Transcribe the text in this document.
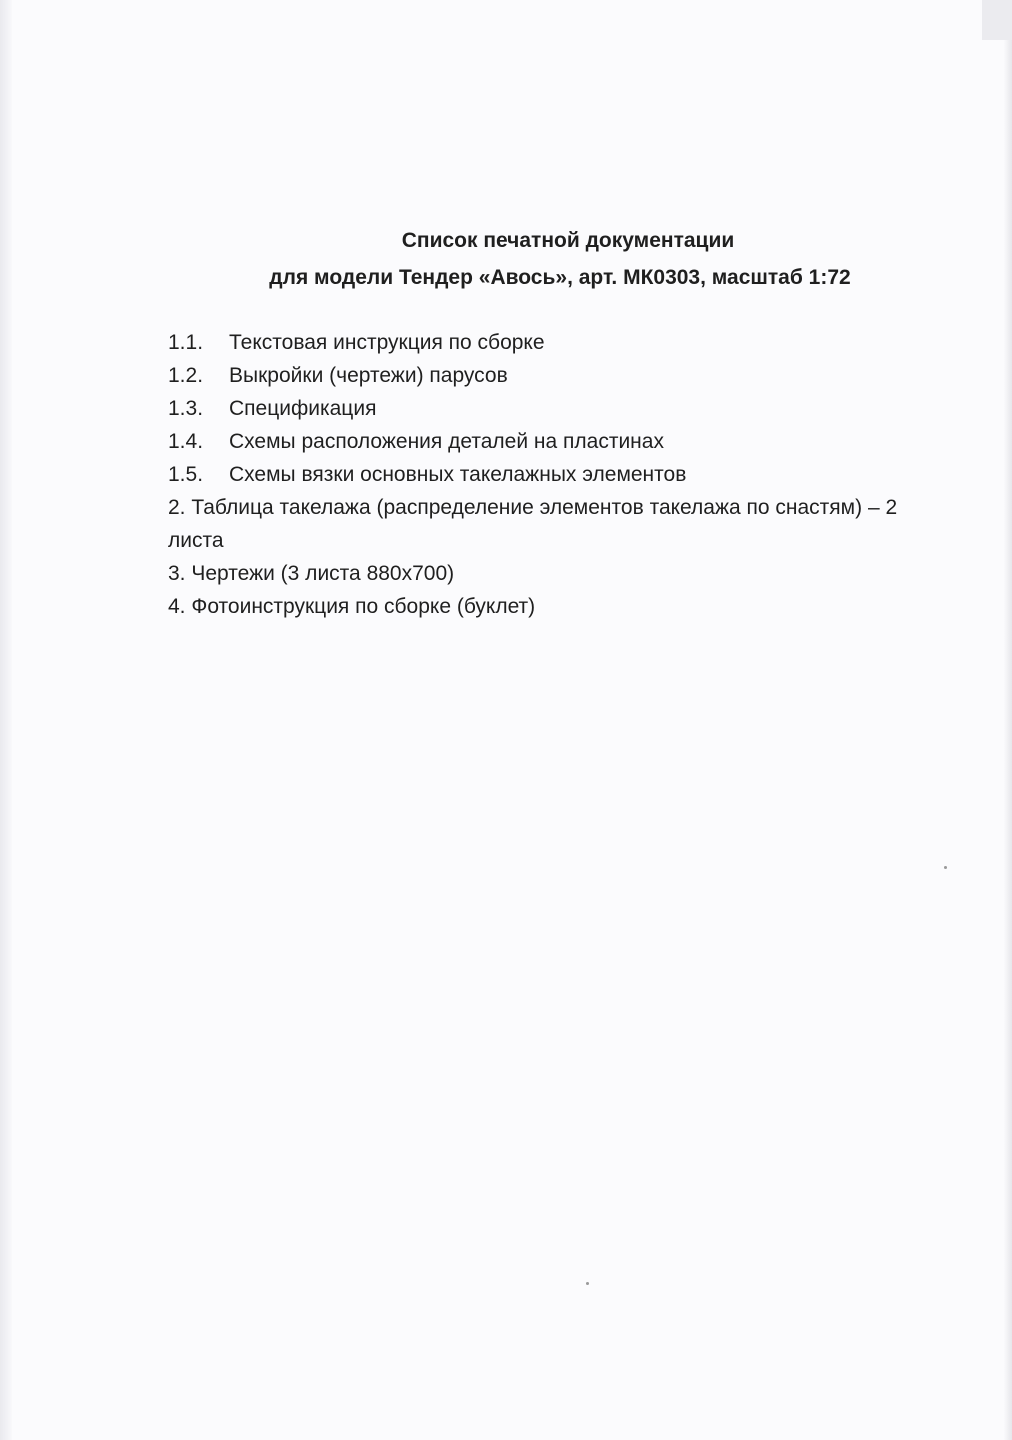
Список печатной документации
для модели Тендер «Авось», арт. МК0303, масштаб 1:72
1.1.	Текстовая инструкция по сборке
1.2.	Выкройки (чертежи) парусов
1.3.	Спецификация
1.4.	Схемы расположения деталей на пластинах
1.5.	Схемы вязки основных такелажных элементов
2. Таблица такелажа (распределение элементов такелажа по снастям) – 2 листа
3. Чертежи (3 листа 880х700)
4. Фотоинструкция по сборке (буклет)
